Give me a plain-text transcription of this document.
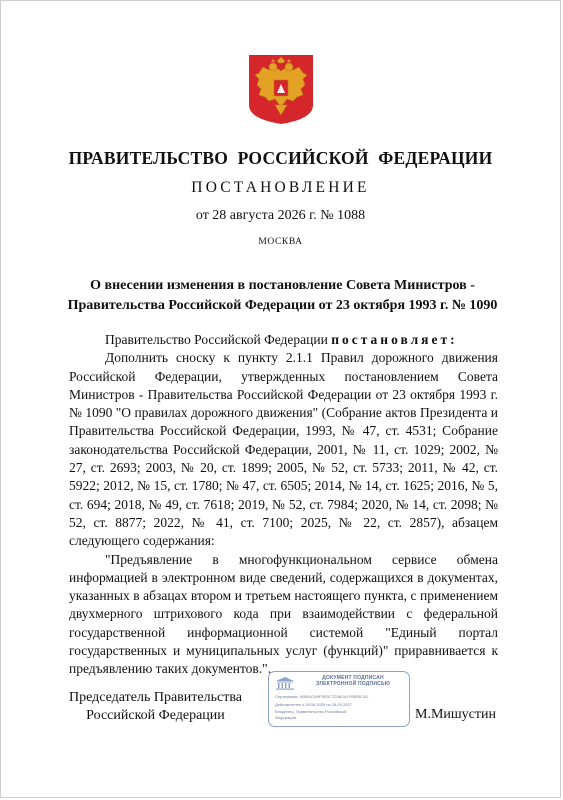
ПРАВИТЕЛЬСТВО РОССИЙСКОЙ ФЕДЕРАЦИИ
ПОСТАНОВЛЕНИЕ
от 28 августа 2026 г. № 1088
МОСКВА
О внесении изменения в постановление Совета Министров -
Правительства Российской Федерации от 23 октября 1993 г. № 1090

Правительство Российской Федерации постановляет:

Дополнить сноску к пункту 2.1.1 Правил дорожного движения Российской Федерации, утвержденных постановлением Совета Министров - Правительства Российской Федерации от 23 октября 1993 г. № 1090 "О правилах дорожного движения" (Собрание актов Президента и Правительства Российской Федерации, 1993, № 47, ст. 4531; Собрание законодательства Российской Федерации, 2001, № 11, ст. 1029; 2002, № 27, ст. 2693; 2003, № 20, ст. 1899; 2005, № 52, ст. 5733; 2011, № 42, ст. 5922; 2012, № 15, ст. 1780; № 47, ст. 6505; 2014, № 14, ст. 1625; 2016, № 5, ст. 694; 2018, № 49, ст. 7618; 2019, № 52, ст. 7984; 2020, № 14, ст. 2098; № 52, ст. 8877; 2022, № 41, ст. 7100; 2025, № 22, ст. 2857), абзацем следующего содержания:

"Предъявление в многофункциональном сервисе обмена информацией в электронном виде сведений, содержащихся в документах, указанных в абзацах втором и третьем настоящего пункта, с применением двухмерного штрихового кода при взаимодействии с федеральной государственной информационной системой "Единый портал государственных и муниципальных услуг (функций)" приравнивается к предъявлению таких документов.".

Председатель Правительства
Российской Федерации
ДОКУМЕНТ ПОДПИСАН
ЭЛЕКТРОННОЙ ПОДПИСЬЮ
Сертификат: 00B5A7A9F4E5C7D3B2A1F08E9C4D
Действителен с 26.06.2026 по 18.09.2027
Владелец: Правительство Российской
Федерации	М.Мишустин
